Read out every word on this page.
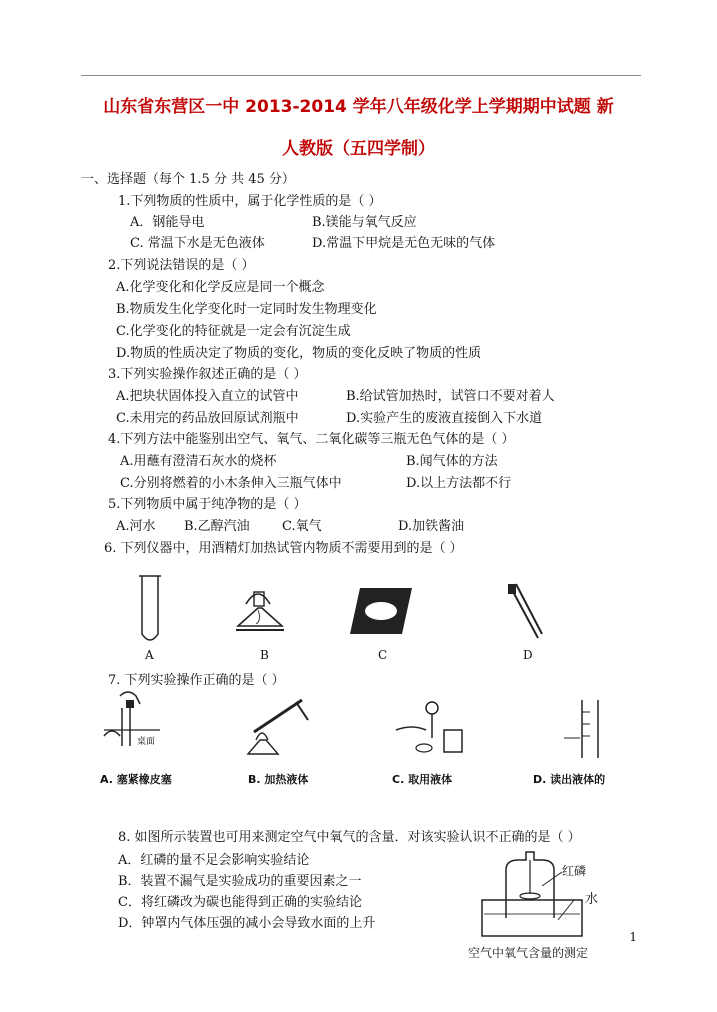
山东省东营区一中 2013-2014 学年八年级化学上学期期中试题 新
人教版（五四学制）
一、选择题（每个 1.5 分 共 45 分）
1.下列物质的性质中，属于化学性质的是（ ）
A．钢能导电	B.镁能与氧气反应
C. 常温下水是无色液体	D.常温下甲烷是无色无味的气体
2.下列说法错误的是（ ）
A.化学变化和化学反应是同一个概念
B.物质发生化学变化时一定同时发生物理变化
C.化学变化的特征就是一定会有沉淀生成
D.物质的性质决定了物质的变化，物质的变化反映了物质的性质
3.下列实验操作叙述正确的是（ ）
A.把块状固体投入直立的试管中	B.给试管加热时，试管口不要对着人
C.未用完的药品放回原试剂瓶中	D.实验产生的废液直接倒入下水道
4.下列方法中能鉴别出空气、氧气、二氧化碳等三瓶无色气体的是（ ）
A.用蘸有澄清石灰水的烧杯	B.闻气体的方法
C.分别将燃着的小木条伸入三瓶气体中	D.以上方法都不行
5.下列物质中属于纯净物的是（ ）
A.河水 B.乙醇汽油 C.氧气	D.加铁酱油
6. 下列仪器中，用酒精灯加热试管内物质不需要用到的是（ ）
A	B	C	D
7. 下列实验操作正确的是（ ）
桌面
A. 塞紧橡皮塞	B. 加热液体	C. 取用液体	D. 读出液体的
8. 如图所示装置也可用来测定空气中氧气的含量．对该实验认识不正确的是（ ）
A．红磷的量不足会影响实验结论
B．装置不漏气是实验成功的重要因素之一
C．将红磷改为碳也能得到正确的实验结论
D．钟罩内气体压强的减小会导致水面的上升
红磷
水
空气中氧气含量的测定
1
